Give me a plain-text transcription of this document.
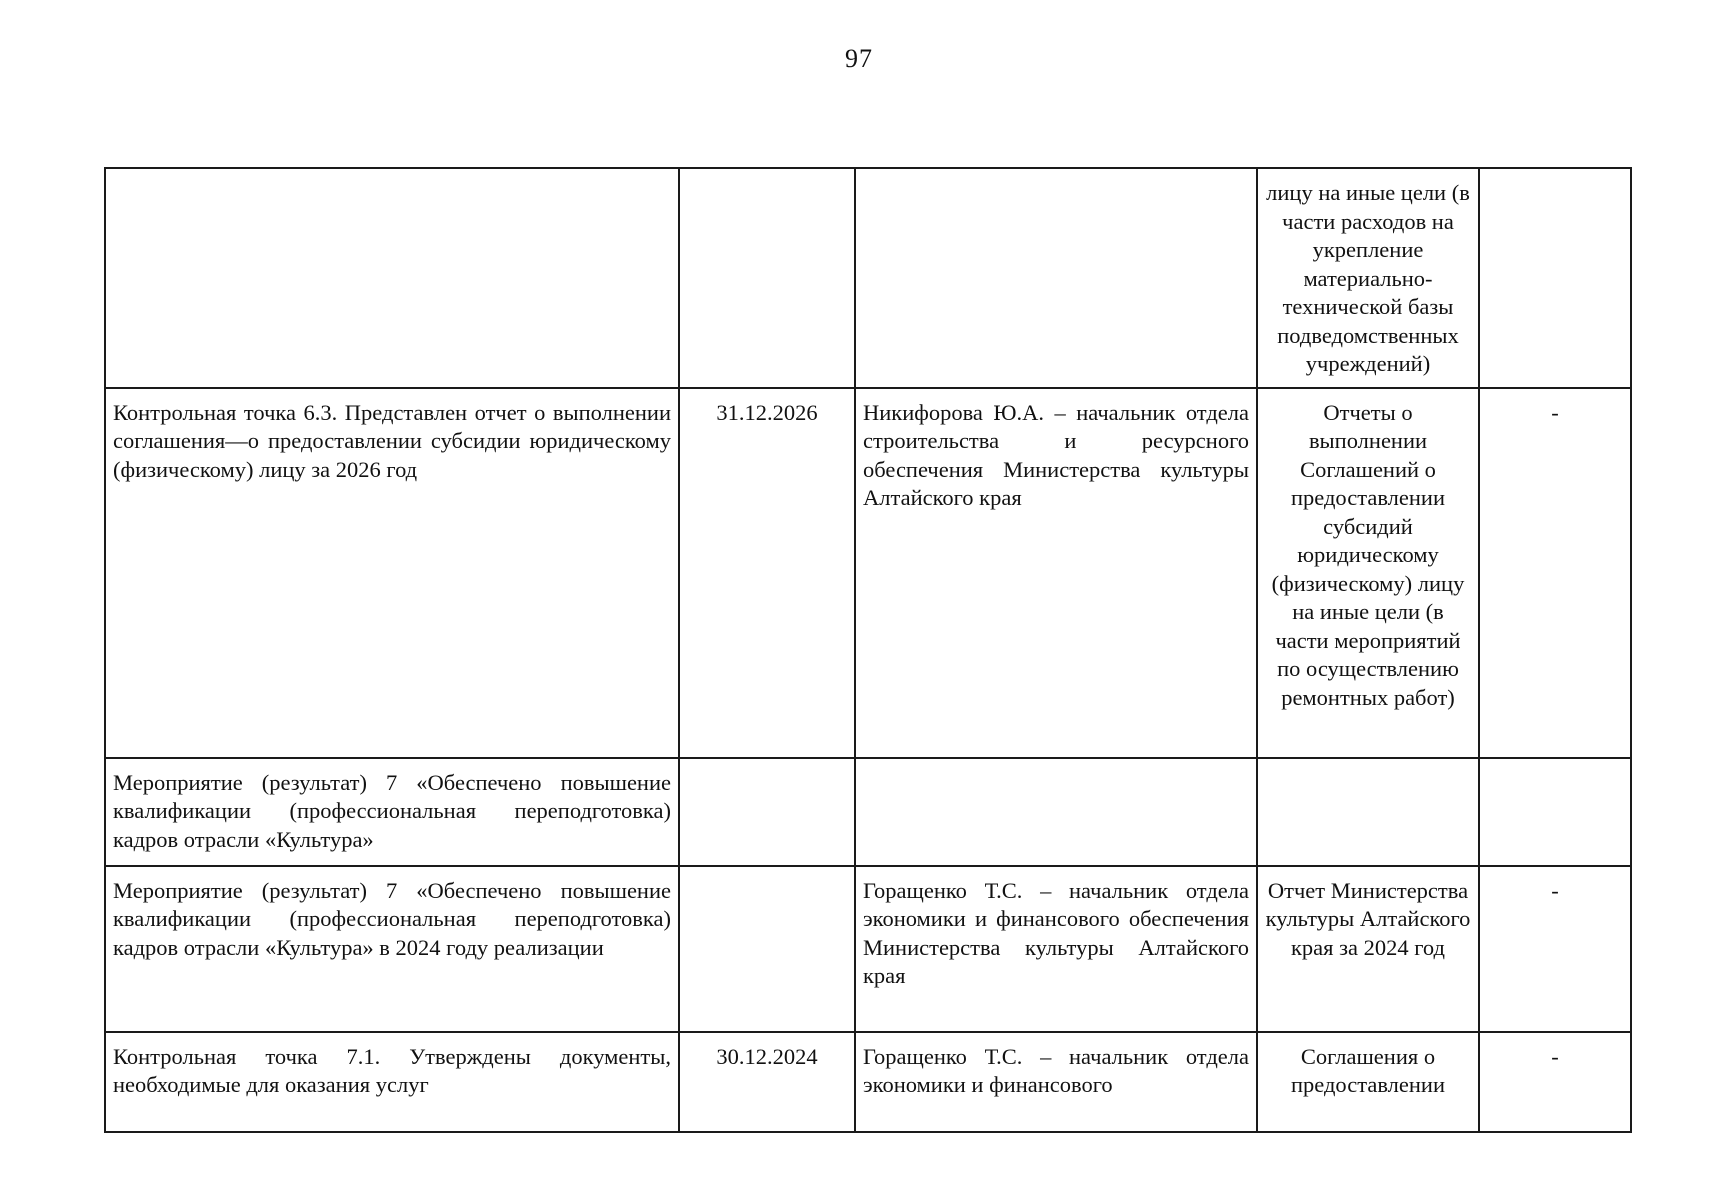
97
			лицу на иные цели (в части расходов на укрепление материально-технической базы подведомственных учреждений)	
Контрольная точка 6.3. Представлен отчет о выполнении соглашения—о предоставлении субсидии юридическому (физическому) лицу за 2026 год	31.12.2026	Никифорова Ю.А. – начальник отдела строительства и ресурсного обеспечения Министерства культуры Алтайского края	Отчеты о выполнении Соглашений о предоставлении субсидий юридическому (физическому) лицу на иные цели (в части мероприятий по осуществлению ремонтных работ)	-
Мероприятие (результат) 7 «Обеспечено повышение квалификации (профессиональная переподготовка) кадров отрасли «Культура»				
Мероприятие (результат) 7 «Обеспечено повышение квалификации (профессиональная переподготовка) кадров отрасли «Культура» в 2024 году реализации		Горащенко Т.С. – начальник отдела экономики и финансового обеспечения Министерства культуры Алтайского края	Отчет Министерства культуры Алтайского края за 2024 год	-
Контрольная точка 7.1. Утверждены документы, необходимые для оказания услуг	30.12.2024	Горащенко Т.С. – начальник отдела экономики и финансового	Соглашения о предоставлении	-
